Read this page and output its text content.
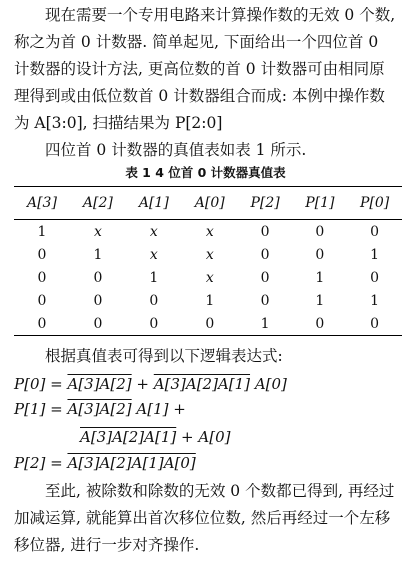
现在需要一个专用电路来计算操作数的无效 0 个数, 称之为首 0 计数器. 简单起见, 下面给出一个四位首 0 计数器的设计方法, 更高位数的首 0 计数器可由相同原理得到或由低位数首 0 计数器组合而成: 本例中操作数为 A[3:0], 扫描结果为 P[2:0]

四位首 0 计数器的真值表如表 1 所示.

表 1 4 位首 0 计数器真值表
A[3]	A[2]	A[1]	A[0]	P[2]	P[1]	P[0]
1	x	x	x	0	0	0
0	1	x	x	0	0	1
0	0	1	x	0	1	0
0	0	0	1	0	1	1
0	0	0	0	1	0	0

根据真值表可得到以下逻辑表达式:

P[0] = A[3]A[2] + A[3]A[2]A[1] A[0]
P[1] = A[3]A[2] A[1] +
A[3]A[2]A[1] + A[0]
P[2] = A[3]A[2]A[1]A[0]

至此, 被除数和除数的无效 0 个数都已得到, 再经过加减运算, 就能算出首次移位位数, 然后再经过一个左移移位器, 进行一步对齐操作.
